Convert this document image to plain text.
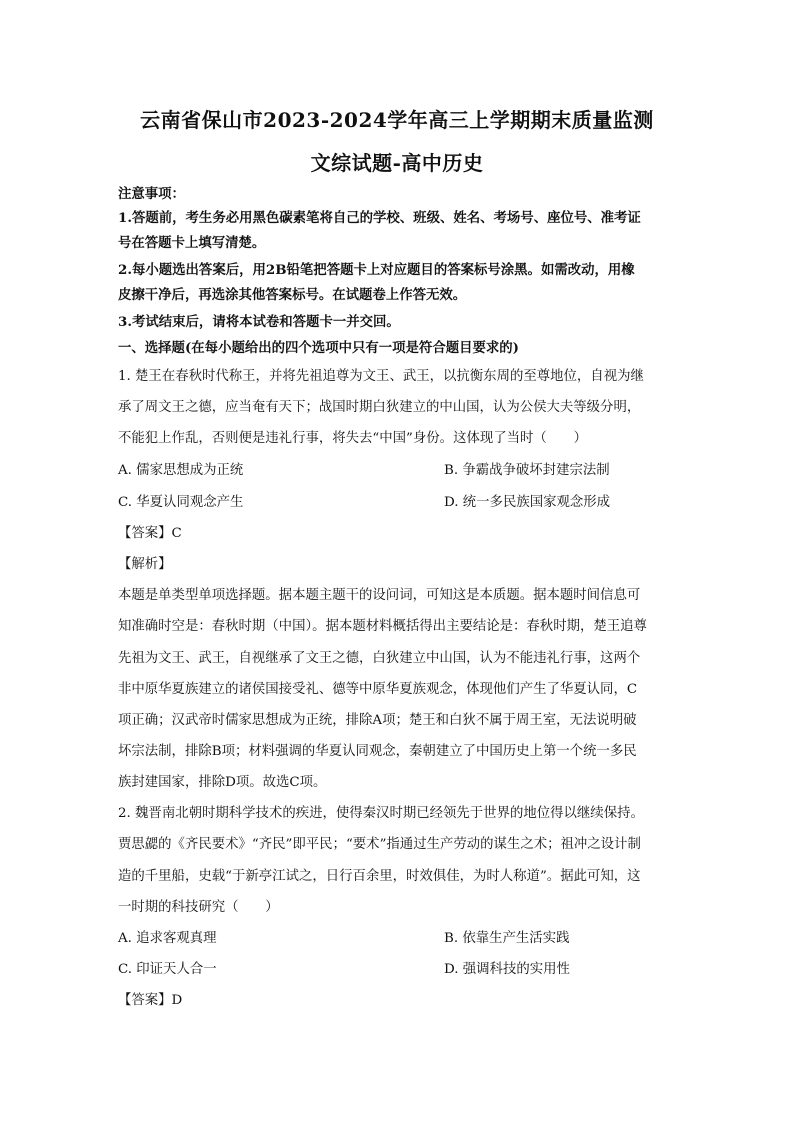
云南省保山市2023-2024学年高三上学期期末质量监测
文综试题-高中历史
注意事项：
1.答题前，考生务必用黑色碳素笔将自己的学校、班级、姓名、考场号、座位号、准考证
号在答题卡上填写清楚。
2.每小题选出答案后，用2B铅笔把答题卡上对应题目的答案标号涂黑。如需改动，用橡
皮擦干净后，再选涂其他答案标号。在试题卷上作答无效。
3.考试结束后，请将本试卷和答题卡一并交回。
一、选择题(在每小题给出的四个选项中只有一项是符合题目要求的)
1. 楚王在春秋时代称王，并将先祖追尊为文王、武王，以抗衡东周的至尊地位，自视为继
承了周文王之德，应当奄有天下；战国时期白狄建立的中山国，认为公侯大夫等级分明，
不能犯上作乱，否则便是违礼行事，将失去“中国”身份。这体现了当时（　　）
A. 儒家思想成为正统	B. 争霸战争破坏封建宗法制
C. 华夏认同观念产生	D. 统一多民族国家观念形成
【答案】C
【解析】
本题是单类型单项选择题。据本题主题干的设问词，可知这是本质题。据本题时间信息可
知准确时空是：春秋时期（中国）。据本题材料概括得出主要结论是：春秋时期，楚王追尊
先祖为文王、武王，自视继承了文王之德，白狄建立中山国，认为不能违礼行事，这两个
非中原华夏族建立的诸侯国接受礼、德等中原华夏族观念，体现他们产生了华夏认同，C
项正确；汉武帝时儒家思想成为正统，排除A项；楚王和白狄不属于周王室，无法说明破
坏宗法制，排除B项；材料强调的华夏认同观念，秦朝建立了中国历史上第一个统一多民
族封建国家，排除D项。故选C项。
2. 魏晋南北朝时期科学技术的疾进，使得秦汉时期已经领先于世界的地位得以继续保持。
贾思勰的《齐民要术》“齐民”即平民；“要术”指通过生产劳动的谋生之术；祖冲之设计制
造的千里船，史载“于新亭江试之，日行百余里，时效俱佳，为时人称道”。据此可知，这
一时期的科技研究（　　）
A. 追求客观真理	B. 依靠生产生活实践
C. 印证天人合一	D. 强调科技的实用性
【答案】D
